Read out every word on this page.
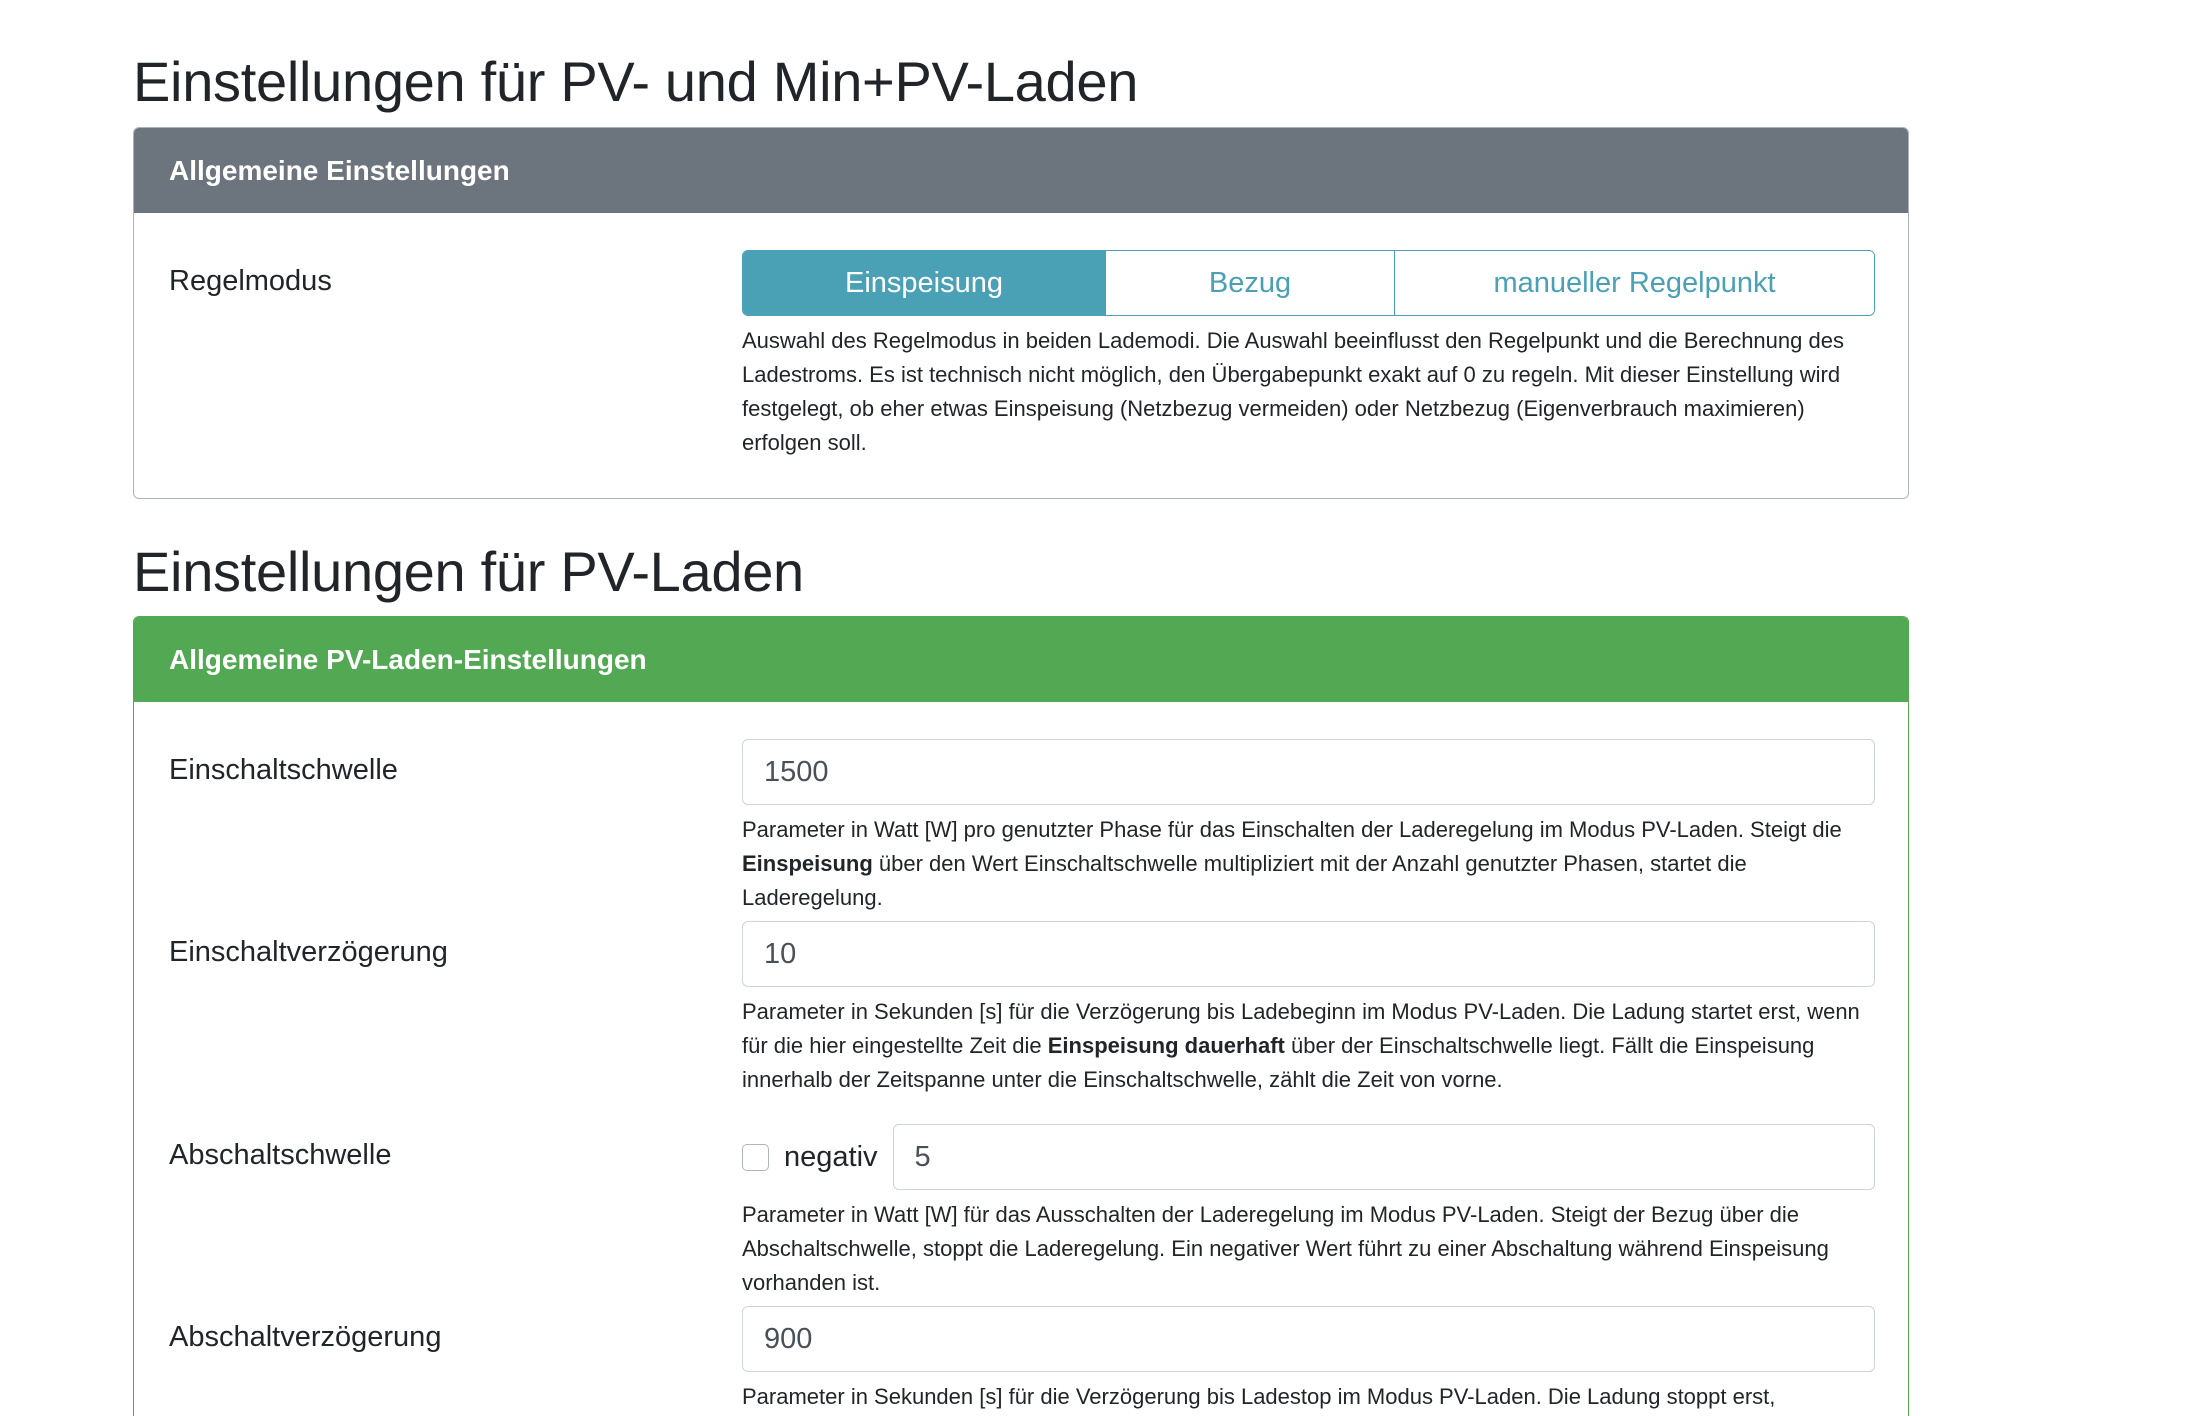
Einstellungen für PV- und Min+PV-Laden
Allgemeine Einstellungen
Regelmodus	Einspeisung	Bezug	manueller Regelpunkt

Auswahl des Regelmodus in beiden Lademodi. Die Auswahl beeinflusst den Regelpunkt und die Berechnung des Ladestroms. Es ist technisch nicht möglich, den Übergabepunkt exakt auf 0 zu regeln. Mit dieser Einstellung wird festgelegt, ob eher etwas Einspeisung (Netzbezug vermeiden) oder Netzbezug (Eigenverbrauch maximieren) erfolgen soll.

Einstellungen für PV-Laden
Allgemeine PV-Laden-Einstellungen
Einschaltschwelle	1500

Parameter in Watt [W] pro genutzter Phase für das Einschalten der Laderegelung im Modus PV-Laden. Steigt die Einspeisung über den Wert Einschaltschwelle multipliziert mit der Anzahl genutzter Phasen, startet die Laderegelung.

Einschaltverzögerung	10

Parameter in Sekunden [s] für die Verzögerung bis Ladebeginn im Modus PV-Laden. Die Ladung startet erst, wenn für die hier eingestellte Zeit die Einspeisung dauerhaft über der Einschaltschwelle liegt. Fällt die Einspeisung innerhalb der Zeitspanne unter die Einschaltschwelle, zählt die Zeit von vorne.

Abschaltschwelle	negativ	5

Parameter in Watt [W] für das Ausschalten der Laderegelung im Modus PV-Laden. Steigt der Bezug über die Abschaltschwelle, stoppt die Laderegelung. Ein negativer Wert führt zu einer Abschaltung während Einspeisung vorhanden ist.

Abschaltverzögerung	900

Parameter in Sekunden [s] für die Verzögerung bis Ladestop im Modus PV-Laden. Die Ladung stoppt erst,
